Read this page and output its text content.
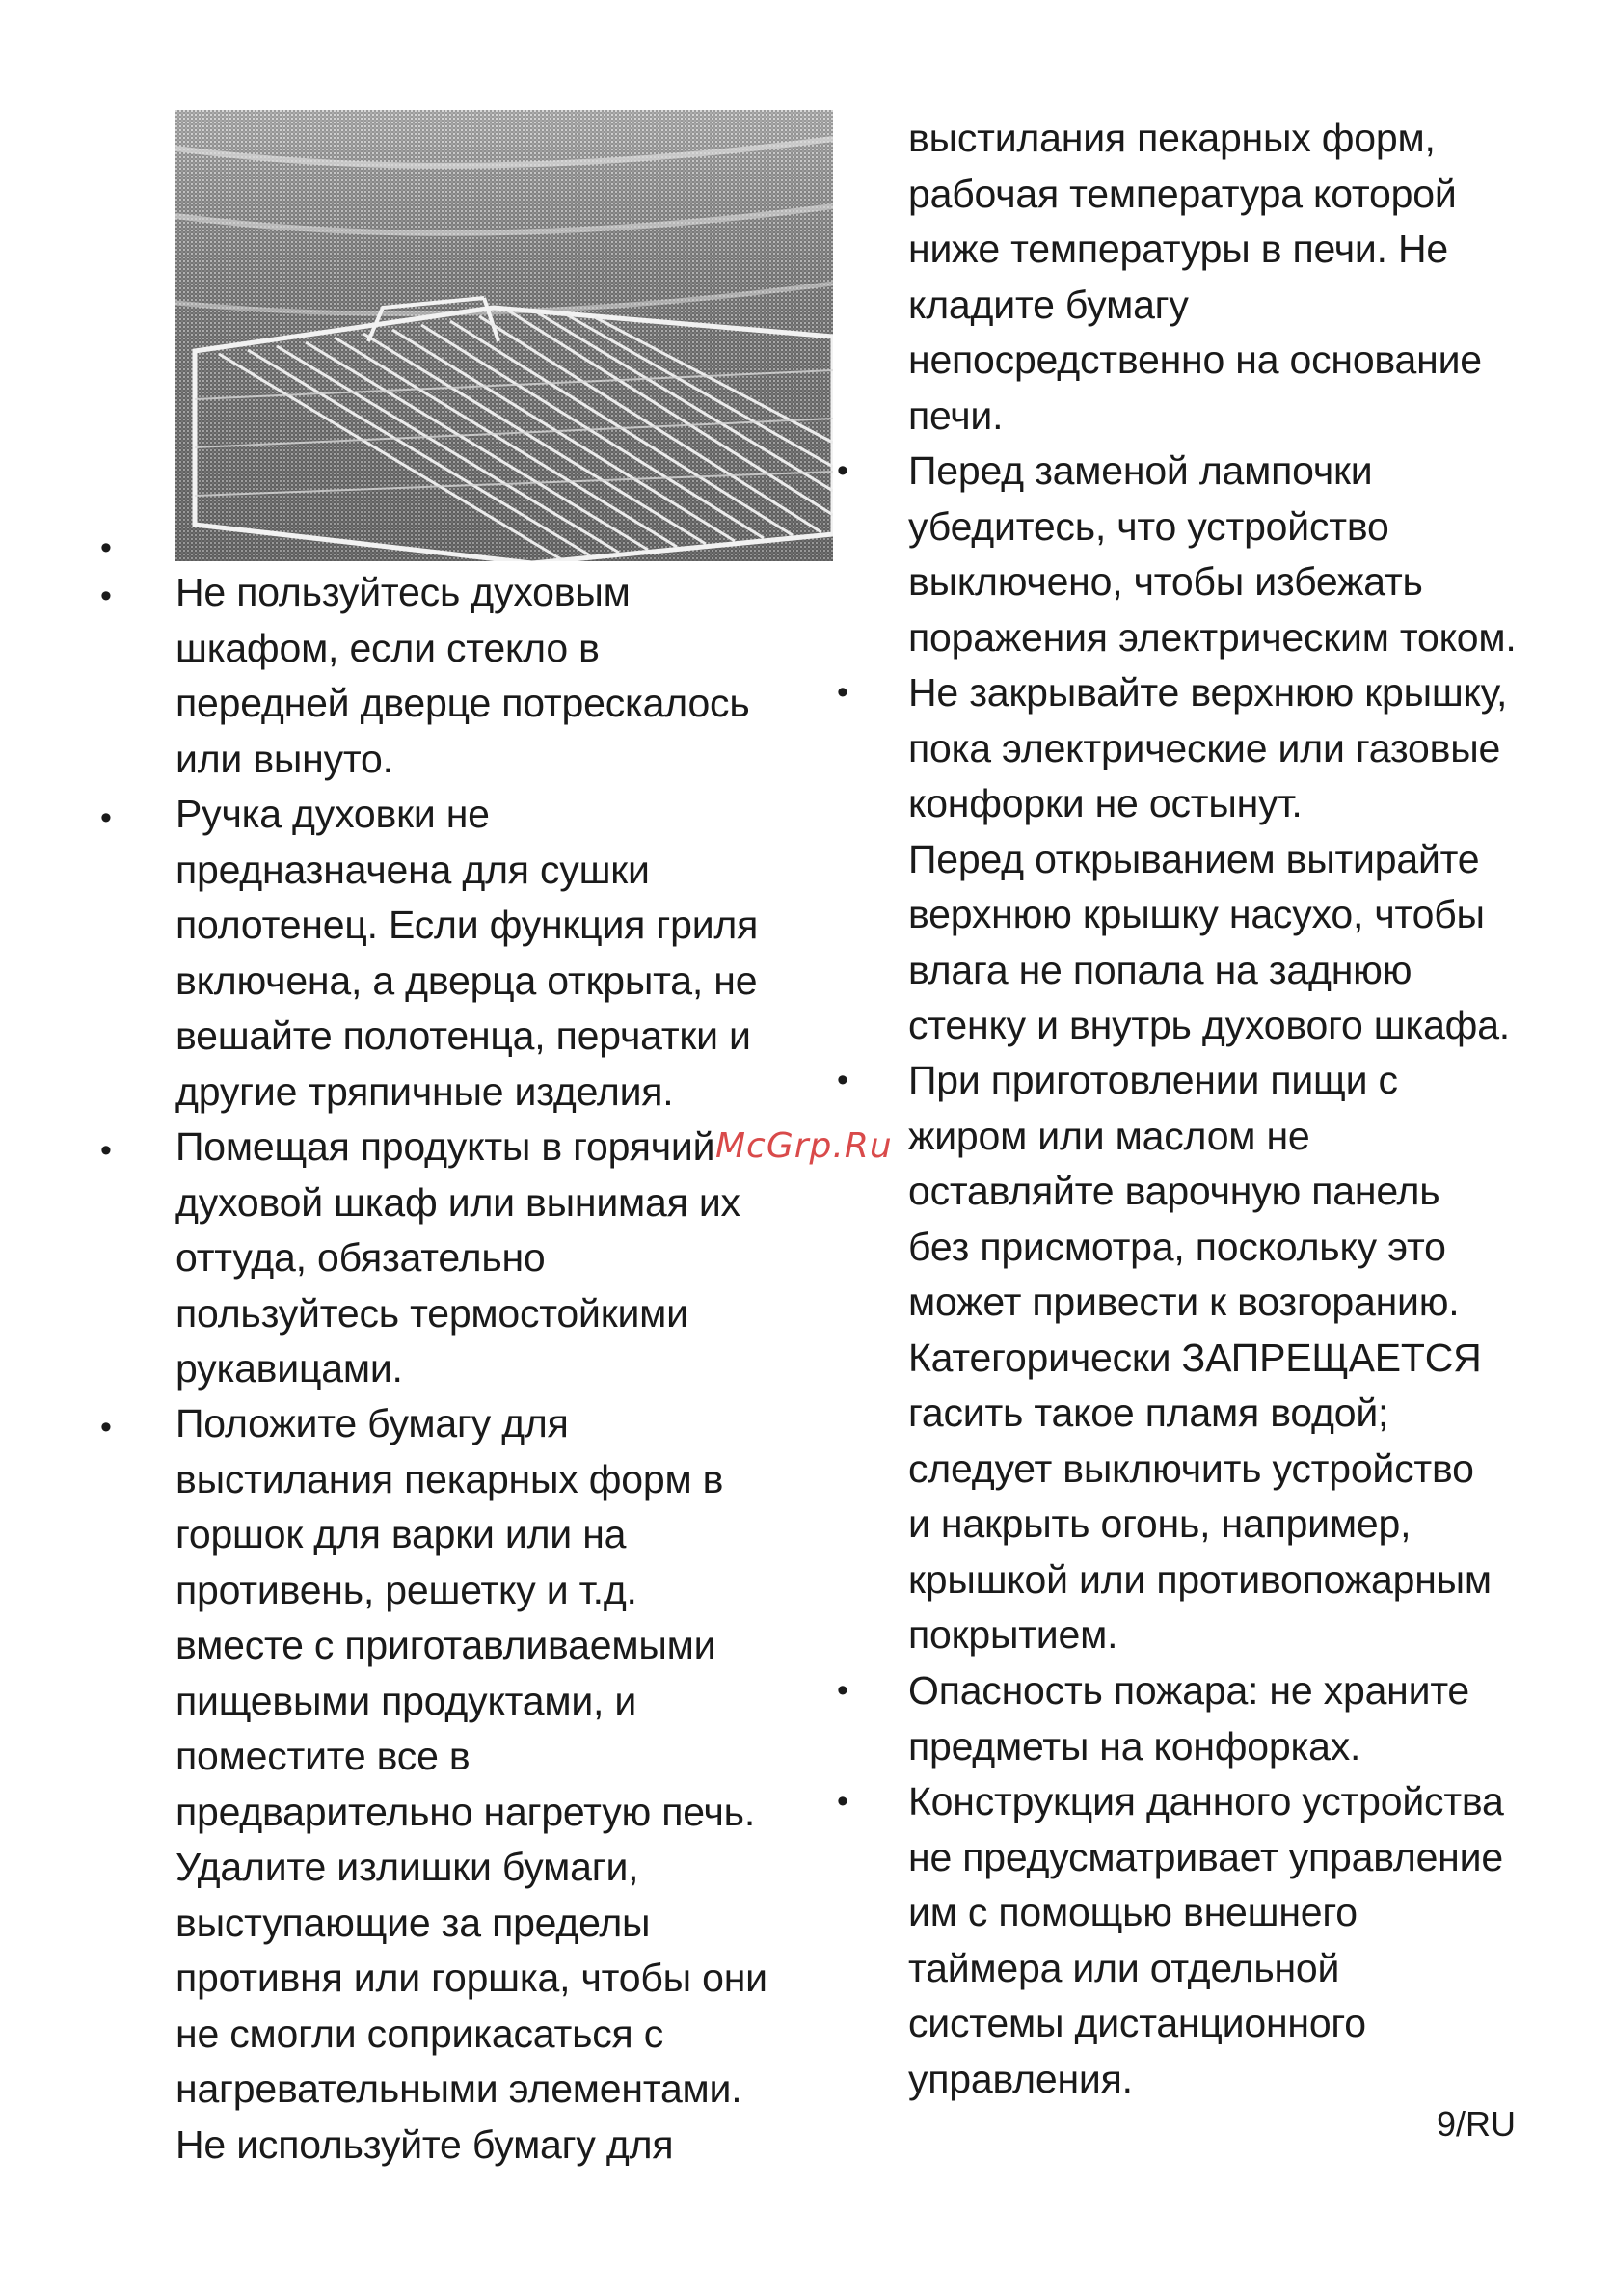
•
• Не пользуйтесь духовым
шкафом, если стекло в
передней дверце потрескалось
или вынуто.
• Ручка духовки не
предназначена для сушки
полотенец. Если функция гриля
включена, а дверца открыта, не
вешайте полотенца, перчатки и
другие тряпичные изделия.
• Помещая продукты в горячий
духовой шкаф или вынимая их
оттуда, обязательно
пользуйтесь термостойкими
рукавицами.
• Положите бумагу для
выстилания пекарных форм в
горшок для варки или на
противень, решетку и т.д.
вместе с приготавливаемыми
пищевыми продуктами, и
поместите все в
предварительно нагретую печь.
Удалите излишки бумаги,
выступающие за пределы
противня или горшка, чтобы они
не смогли соприкасаться с
нагревательными элементами.
Не используйте бумагу для
выстилания пекарных форм,
рабочая температура которой
ниже температуры в печи. Не
кладите бумагу
непосредственно на основание
печи.
• Перед заменой лампочки
убедитесь, что устройство
выключено, чтобы избежать
поражения электрическим током.
• Не закрывайте верхнюю крышку,
пока электрические или газовые
конфорки не остынут.
Перед открыванием вытирайте
верхнюю крышку насухо, чтобы
влага не попала на заднюю
стенку и внутрь духового шкафа.
• При приготовлении пищи с
жиром или маслом не
оставляйте варочную панель
без присмотра, поскольку это
может привести к возгоранию.
Категорически ЗАПРЕЩАЕТСЯ
гасить такое пламя водой;
следует выключить устройство
и накрыть огонь, например,
крышкой или противопожарным
покрытием.
• Опасность пожара: не храните
предметы на конфорках.
• Конструкция данного устройства
не предусматривает управление
им с помощью внешнего
таймера или отдельной
системы дистанционного
управления.
McGrp.Ru
9/RU
